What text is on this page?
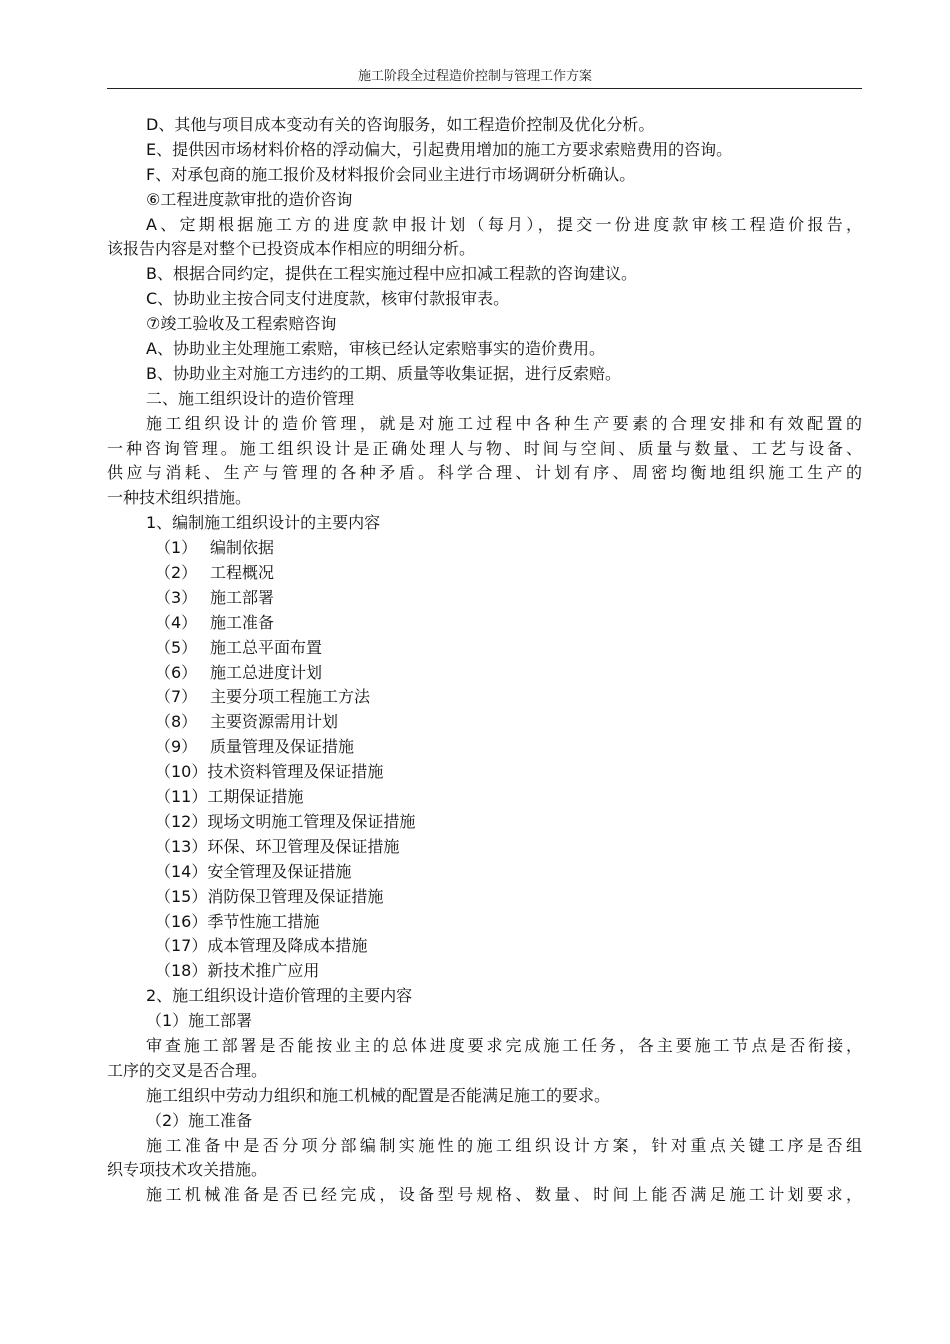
施工阶段全过程造价控制与管理工作方案
D、其他与项目成本变动有关的咨询服务，如工程造价控制及优化分析。
E、提供因市场材料价格的浮动偏大，引起费用增加的施工方要求索赔费用的咨询。
F、对承包商的施工报价及材料报价会同业主进行市场调研分析确认。
⑥工程进度款审批的造价咨询
A、定期根据施工方的进度款申报计划（每月），提交一份进度款审核工程造价报告，
该报告内容是对整个已投资成本作相应的明细分析。
B、根据合同约定，提供在工程实施过程中应扣减工程款的咨询建议。
C、协助业主按合同支付进度款，核审付款报审表。
⑦竣工验收及工程索赔咨询
A、协助业主处理施工索赔，审核已经认定索赔事实的造价费用。
B、协助业主对施工方违约的工期、质量等收集证据，进行反索赔。
二、施工组织设计的造价管理
施工组织设计的造价管理，就是对施工过程中各种生产要素的合理安排和有效配置的
一种咨询管理。施工组织设计是正确处理人与物、时间与空间、质量与数量、工艺与设备、
供应与消耗、生产与管理的各种矛盾。科学合理、计划有序、周密均衡地组织施工生产的
一种技术组织措施。
1、编制施工组织设计的主要内容
（1） 编制依据
（2） 工程概况
（3） 施工部署
（4） 施工准备
（5） 施工总平面布置
（6） 施工总进度计划
（7） 主要分项工程施工方法
（8） 主要资源需用计划
（9） 质量管理及保证措施
（10）技术资料管理及保证措施
（11）工期保证措施
（12）现场文明施工管理及保证措施
（13）环保、环卫管理及保证措施
（14）安全管理及保证措施
（15）消防保卫管理及保证措施
（16）季节性施工措施
（17）成本管理及降成本措施
（18）新技术推广应用
2、施工组织设计造价管理的主要内容
（1）施工部署
审查施工部署是否能按业主的总体进度要求完成施工任务，各主要施工节点是否衔接，
工序的交叉是否合理。
施工组织中劳动力组织和施工机械的配置是否能满足施工的要求。
（2）施工准备
施工准备中是否分项分部编制实施性的施工组织设计方案，针对重点关键工序是否组
织专项技术攻关措施。
施工机械准备是否已经完成，设备型号规格、数量、时间上能否满足施工计划要求，
